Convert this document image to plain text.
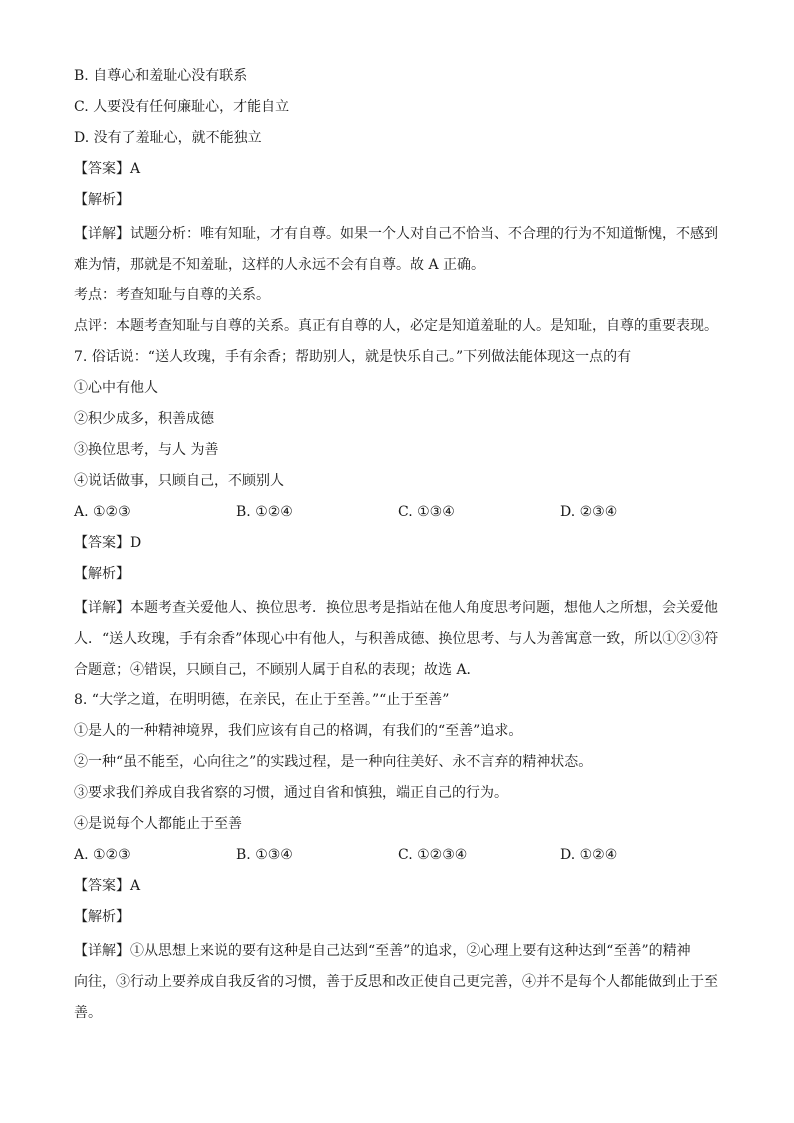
B. 自尊心和羞耻心没有联系
C. 人要没有任何廉耻心，才能自立
D. 没有了羞耻心，就不能独立
【答案】A
【解析】
【详解】试题分析：唯有知耻，才有自尊。如果一个人对自己不恰当、不合理的行为不知道惭愧，不感到
难为情，那就是不知羞耻，这样的人永远不会有自尊。故 A 正确。
考点：考查知耻与自尊的关系。
点评：本题考查知耻与自尊的关系。真正有自尊的人，必定是知道羞耻的人。是知耻，自尊的重要表现。
7. 俗话说：“送人玫瑰，手有余香；帮助别人，就是快乐自己。”下列做法能体现这一点的有
①心中有他人
②积少成多，积善成德
③换位思考，与人 为善
④说话做事，只顾自己，不顾别人
A. ①②③	B. ①②④	C. ①③④	D. ②③④
【答案】D
【解析】
【详解】本题考查关爱他人、换位思考．换位思考是指站在他人角度思考问题，想他人之所想，会关爱他
人．“送人玫瑰，手有余香”体现心中有他人，与积善成德、换位思考、与人为善寓意一致，所以①②③符
合题意；④错误，只顾自己，不顾别人属于自私的表现；故选 A．
8. “大学之道，在明明德，在亲民，在止于至善。”“止于至善”
①是人的一种精神境界，我们应该有自己的格调，有我们的“至善”追求。
②一种“虽不能至，心向往之”的实践过程，是一种向往美好、永不言弃的精神状态。
③要求我们养成自我省察的习惯，通过自省和慎独，端正自己的行为。
④是说每个人都能止于至善
A. ①②③	B. ①③④	C. ①②③④	D. ①②④
【答案】A
【解析】
【详解】①从思想上来说的要有这种是自己达到“至善”的追求，②心理上要有这种达到“至善”的精神
向往，③行动上要养成自我反省的习惯，善于反思和改正使自己更完善，④并不是每个人都能做到止于至
善。
